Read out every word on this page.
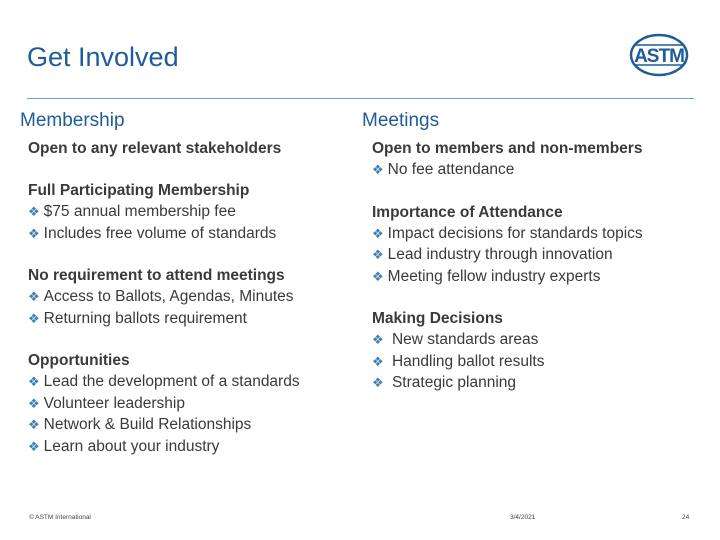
Get Involved	ASTM
Membership
Open to any relevant stakeholders
Full Participating Membership
❖ $75 annual membership fee
❖ Includes free volume of standards
No requirement to attend meetings
❖ Access to Ballots, Agendas, Minutes
❖ Returning ballots requirement
Opportunities
❖ Lead the development of a standards
❖ Volunteer leadership
❖ Network & Build Relationships
❖ Learn about your industry
Meetings
Open to members and non-members
❖ No fee attendance
Importance of Attendance
❖ Impact decisions for standards topics
❖ Lead industry through innovation
❖ Meeting fellow industry experts
Making Decisions
❖ New standards areas
❖ Handling ballot results
❖ Strategic planning
© ASTM International	3/4/2021	24
